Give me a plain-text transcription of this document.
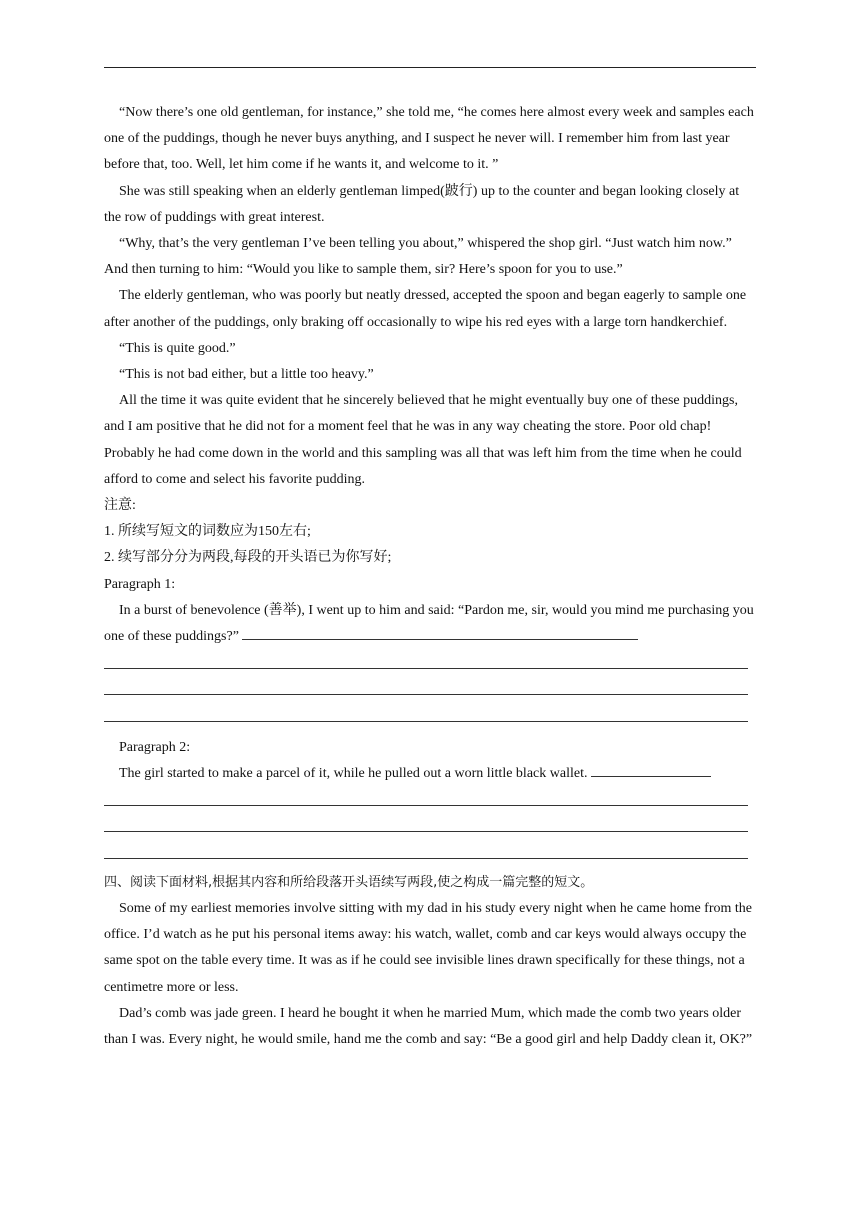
“Now there’s one old gentleman, for instance,” she told me, “he comes here almost every week and samples each one of the puddings, though he never buys anything, and I suspect he never will. I remember him from last year before that, too. Well, let him come if he wants it, and welcome to it. ”

She was still speaking when an elderly gentleman limped(跛行) up to the counter and began looking closely at the row of puddings with great interest.

“Why, that’s the very gentleman I’ve been telling you about,” whispered the shop girl. “Just watch him now.” And then turning to him: “Would you like to sample them, sir? Here’s spoon for you to use.”

The elderly gentleman, who was poorly but neatly dressed, accepted the spoon and began eagerly to sample one after another of the puddings, only braking off occasionally to wipe his red eyes with a large torn handkerchief.

“This is quite good.”

“This is not bad either, but a little too heavy.”

All the time it was quite evident that he sincerely believed that he might eventually buy one of these puddings, and I am positive that he did not for a moment feel that he was in any way cheating the store. Poor old chap! Probably he had come down in the world and this sampling was all that was left him from the time when he could afford to come and select his favorite pudding.

注意:

1. 所续写短文的词数应为150左右;

2. 续写部分分为两段,每段的开头语已为你写好;

Paragraph 1:

In a burst of benevolence (善举), I went up to him and said: “Pardon me, sir, would you mind me purchasing you one of these puddings?”

Paragraph 2:

The girl started to make a parcel of it, while he pulled out a worn little black wallet.

四、阅读下面材料,根据其内容和所给段落开头语续写两段,使之构成一篇完整的短文。

Some of my earliest memories involve sitting with my dad in his study every night when he came home from the office. I’d watch as he put his personal items away: his watch, wallet, comb and car keys would always occupy the same spot on the table every time. It was as if he could see invisible lines drawn specifically for these things, not a centimetre more or less.

Dad’s comb was jade green. I heard he bought it when he married Mum, which made the comb two years older than I was. Every night, he would smile, hand me the comb and say: “Be a good girl and help Daddy clean it, OK?”
